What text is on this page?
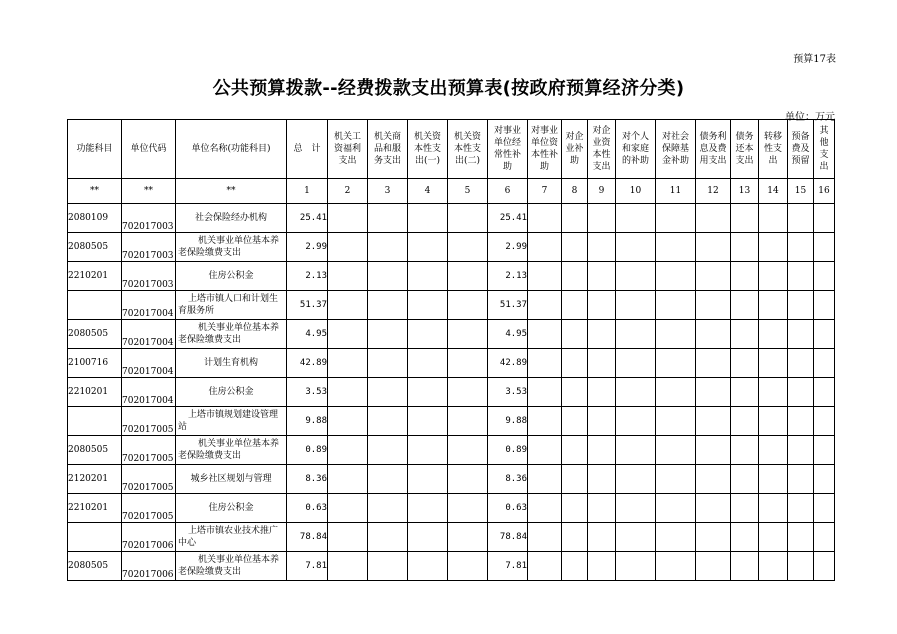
预算17表
公共预算拨款--经费拨款支出预算表(按政府预算经济分类)
单位：万元
功能科目	单位代码	单位名称(功能科目)	总　计	机关工资福利支出	机关商品和服务支出	机关资本性支出(一)	机关资本性支出(二)	对事业单位经常性补助	对事业单位资本性补助	对企业补助	对企业资本性支出	对个人和家庭的补助	对社会保障基金补助	债务利息及费用支出	债务还本支出	转移性支出	预备费及预留	其他支出
**	**	**	1	2	3	4	5	6	7	8	9	10	11	12	13	14	15	16
2080109	702017003	社会保险经办机构	25.41					25.41										
2080505	702017003	机关事业单位基本养老保险缴费支出	2.99					2.99										
2210201	702017003	住房公积金	2.13					2.13										
	702017004	上塔市镇人口和计划生育服务所	51.37					51.37										
2080505	702017004	机关事业单位基本养老保险缴费支出	4.95					4.95										
2100716	702017004	计划生育机构	42.89					42.89										
2210201	702017004	住房公积金	3.53					3.53										
	702017005	上塔市镇规划建设管理站	9.88					9.88										
2080505	702017005	机关事业单位基本养老保险缴费支出	0.89					0.89										
2120201	702017005	城乡社区规划与管理	8.36					8.36										
2210201	702017005	住房公积金	0.63					0.63										
	702017006	上塔市镇农业技术推广中心	78.84					78.84										
2080505	702017006	机关事业单位基本养老保险缴费支出	7.81					7.81										
